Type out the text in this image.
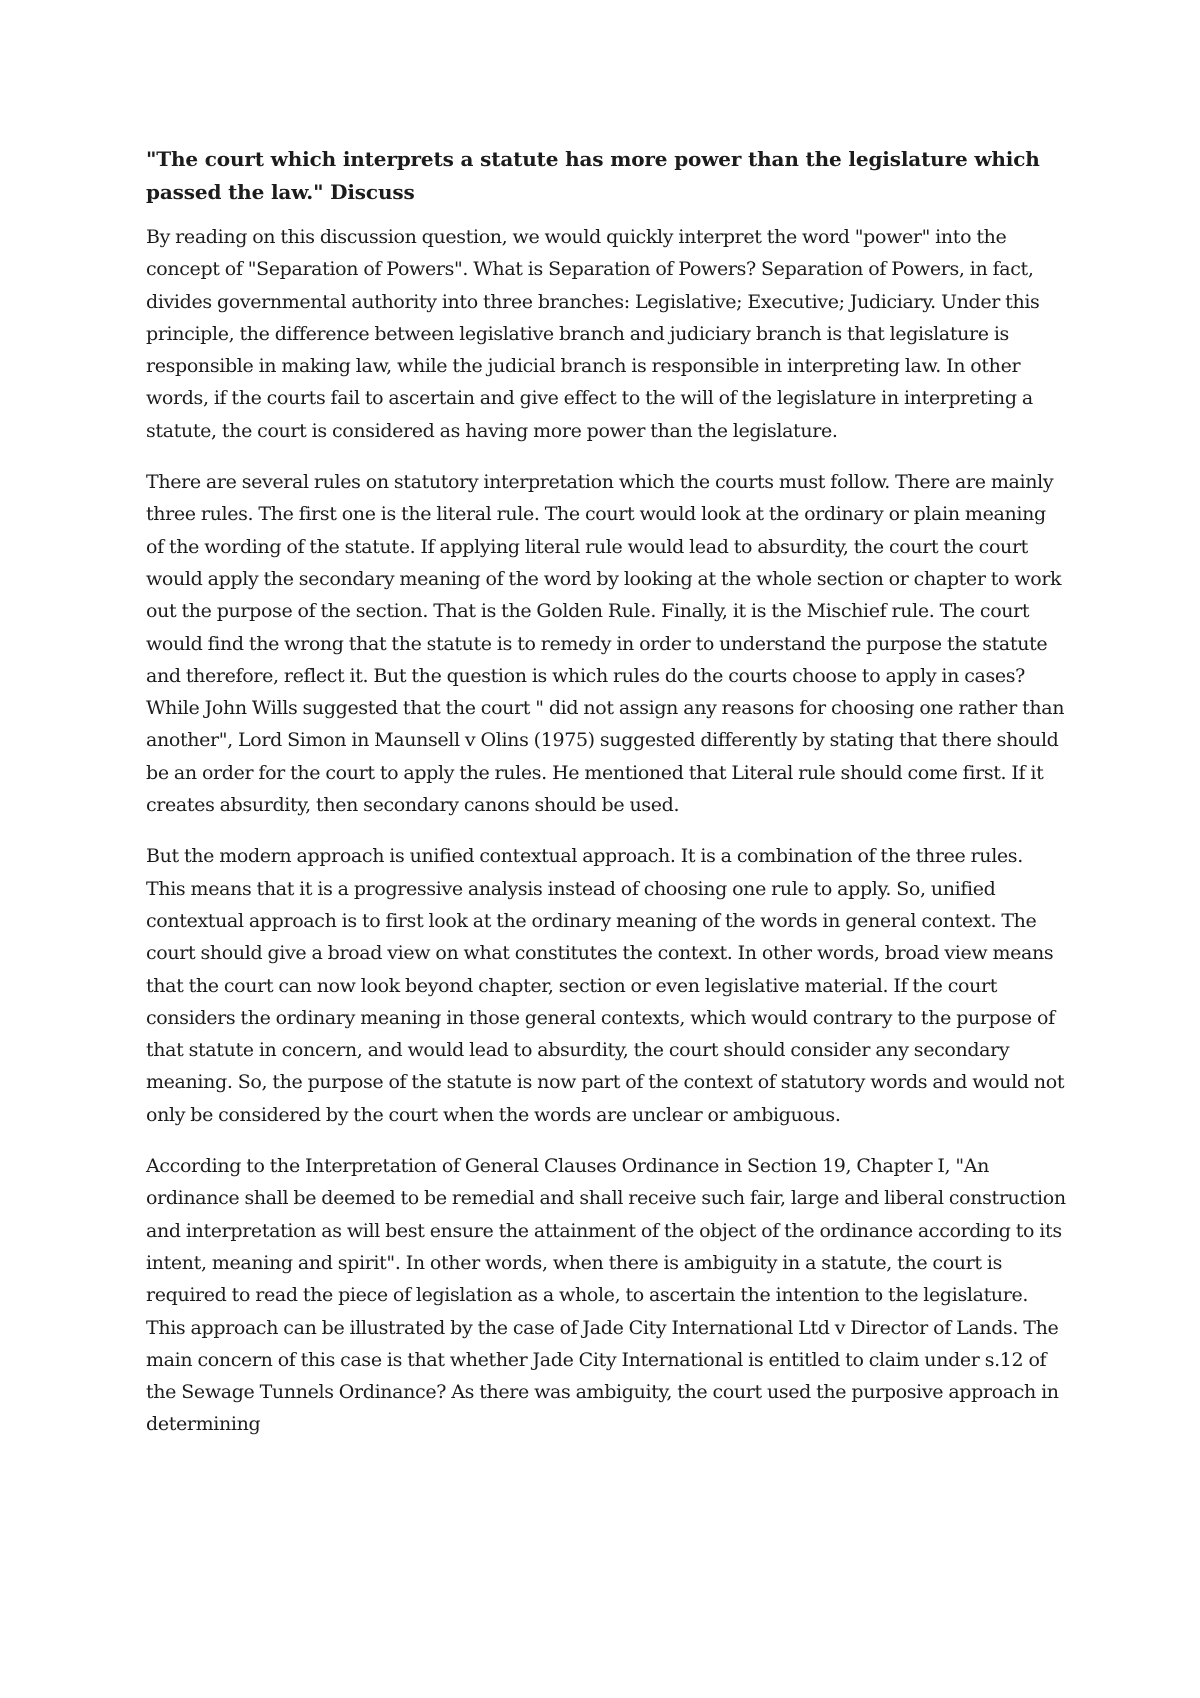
"The court which interprets a statute has more power than the legislature which passed the law." Discuss
By reading on this discussion question, we would quickly interpret the word "power" into the concept of "Separation of Powers". What is Separation of Powers? Separation of Powers, in fact, divides governmental authority into three branches: Legislative; Executive; Judiciary. Under this principle, the difference between legislative branch and judiciary branch is that legislature is responsible in making law, while the judicial branch is responsible in interpreting law. In other words, if the courts fail to ascertain and give effect to the will of the legislature in interpreting a statute, the court is considered as having more power than the legislature.
There are several rules on statutory interpretation which the courts must follow. There are mainly three rules. The first one is the literal rule. The court would look at the ordinary or plain meaning of the wording of the statute. If applying literal rule would lead to absurdity, the court the court would apply the secondary meaning of the word by looking at the whole section or chapter to work out the purpose of the section. That is the Golden Rule. Finally, it is the Mischief rule. The court would find the wrong that the statute is to remedy in order to understand the purpose the statute and therefore, reflect it. But the question is which rules do the courts choose to apply in cases? While John Wills suggested that the court " did not assign any reasons for choosing one rather than another", Lord Simon in Maunsell v Olins (1975) suggested differently by stating that there should be an order for the court to apply the rules. He mentioned that Literal rule should come first. If it creates absurdity, then secondary canons should be used.
But the modern approach is unified contextual approach. It is a combination of the three rules. This means that it is a progressive analysis instead of choosing one rule to apply. So, unified contextual approach is to first look at the ordinary meaning of the words in general context. The court should give a broad view on what constitutes the context. In other words, broad view means that the court can now look beyond chapter, section or even legislative material. If the court considers the ordinary meaning in those general contexts, which would contrary to the purpose of that statute in concern, and would lead to absurdity, the court should consider any secondary meaning. So, the purpose of the statute is now part of the context of statutory words and would not only be considered by the court when the words are unclear or ambiguous.
According to the Interpretation of General Clauses Ordinance in Section 19, Chapter I, "An ordinance shall be deemed to be remedial and shall receive such fair, large and liberal construction and interpretation as will best ensure the attainment of the object of the ordinance according to its intent, meaning and spirit". In other words, when there is ambiguity in a statute, the court is required to read the piece of legislation as a whole, to ascertain the intention to the legislature. This approach can be illustrated by the case of Jade City International Ltd v Director of Lands. The main concern of this case is that whether Jade City International is entitled to claim under s.12 of the Sewage Tunnels Ordinance? As there was ambiguity, the court used the purposive approach in determining
